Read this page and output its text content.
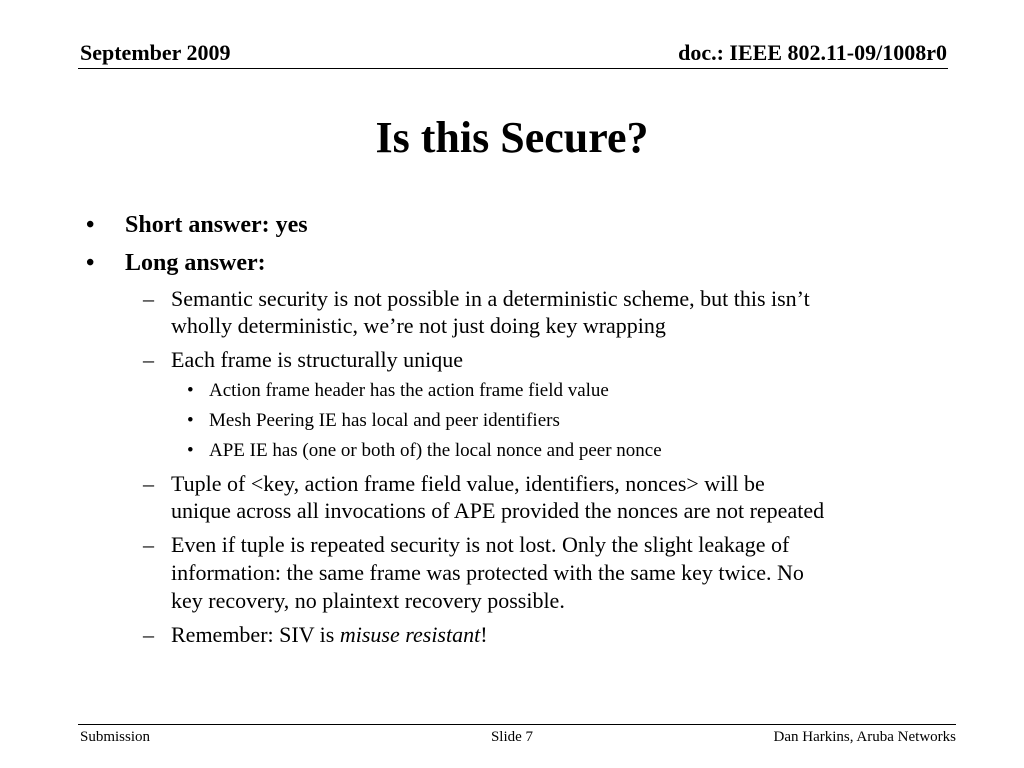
September 2009	doc.: IEEE 802.11-09/1008r0
Is this Secure?
• Short answer: yes
• Long answer:
– Semantic security is not possible in a deterministic scheme, but this isn’t
wholly deterministic, we’re not just doing key wrapping
– Each frame is structurally unique
• Action frame header has the action frame field value
• Mesh Peering IE has local and peer identifiers
• APE IE has (one or both of) the local nonce and peer nonce
– Tuple of <key, action frame field value, identifiers, nonces> will be
unique across all invocations of APE provided the nonces are not repeated
– Even if tuple is repeated security is not lost. Only the slight leakage of
information: the same frame was protected with the same key twice. No
key recovery, no plaintext recovery possible.
– Remember: SIV is misuse resistant!
Submission	Slide 7	Dan Harkins, Aruba Networks
